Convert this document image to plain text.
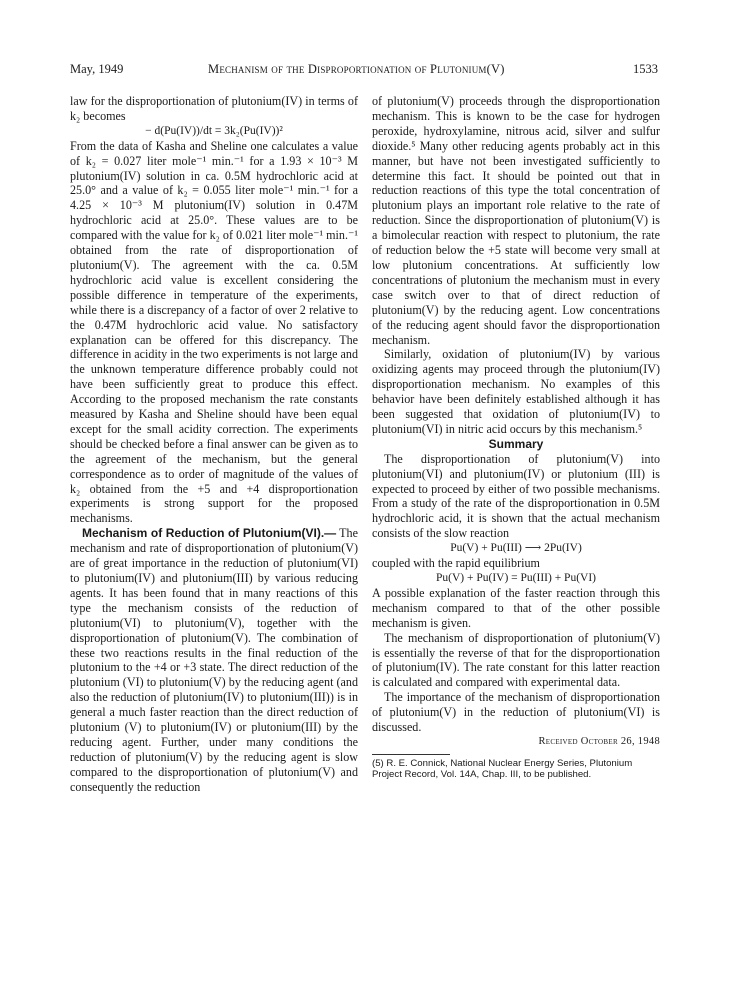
May, 1949	Mechanism of the Disproportionation of Plutonium(V)	1533

law for the disproportionation of plutonium(IV) in terms of k₂ becomes

− d(Pu(IV))/dt = 3k₂(Pu(IV))²

From the data of Kasha and Sheline one calculates a value of k₂ = 0.027 liter mole⁻¹ min.⁻¹ for a 1.93 × 10⁻³ M plutonium(IV) solution in ca. 0.5M hydrochloric acid at 25.0° and a value of k₂ = 0.055 liter mole⁻¹ min.⁻¹ for a 4.25 × 10⁻³ M plutonium(IV) solution in 0.47M hydrochloric acid at 25.0°. These values are to be compared with the value for k₂ of 0.021 liter mole⁻¹ min.⁻¹ obtained from the rate of disproportionation of plutonium(V). The agreement with the ca. 0.5M hydrochloric acid value is excellent considering the possible difference in temperature of the experiments, while there is a discrepancy of a factor of over 2 relative to the 0.47M hydrochloric acid value. No satisfactory explanation can be offered for this discrepancy. The difference in acidity in the two experiments is not large and the unknown temperature difference probably could not have been sufficiently great to produce this effect. According to the proposed mechanism the rate constants measured by Kasha and Sheline should have been equal except for the small acidity correction. The experiments should be checked before a final answer can be given as to the agreement of the mechanism, but the general correspondence as to order of magnitude of the values of k₂ obtained from the +5 and +4 disproportionation experiments is strong support for the proposed mechanisms.

Mechanism of Reduction of Plutonium(VI).— The mechanism and rate of disproportionation of plutonium(V) are of great importance in the reduction of plutonium(VI) to plutonium(IV) and plutonium(III) by various reducing agents. It has been found that in many reactions of this type the mechanism consists of the reduction of plutonium(VI) to plutonium(V), together with the disproportionation of plutonium(V). The combination of these two reactions results in the final reduction of the plutonium to the +4 or +3 state. The direct reduction of the plutonium (VI) to plutonium(V) by the reducing agent (and also the reduction of plutonium(IV) to plutonium(III)) is in general a much faster reaction than the direct reduction of plutonium (V) to plutonium(IV) or plutonium(III) by the reducing agent. Further, under many conditions the reduction of plutonium(V) by the reducing agent is slow compared to the disproportionation of plutonium(V) and consequently the reduction

of plutonium(V) proceeds through the disproportionation mechanism. This is known to be the case for hydrogen peroxide, hydroxylamine, nitrous acid, silver and sulfur dioxide.⁵ Many other reducing agents probably act in this manner, but have not been investigated sufficiently to determine this fact. It should be pointed out that in reduction reactions of this type the total concentration of plutonium plays an important role relative to the rate of reduction. Since the disproportionation of plutonium(V) is a bimolecular reaction with respect to plutonium, the rate of reduction below the +5 state will become very small at low plutonium concentrations. At sufficiently low concentrations of plutonium the mechanism must in every case switch over to that of direct reduction of plutonium(V) by the reducing agent. Low concentrations of the reducing agent should favor the disproportionation mechanism.

Similarly, oxidation of plutonium(IV) by various oxidizing agents may proceed through the plutonium(IV) disproportionation mechanism. No examples of this behavior have been definitely established although it has been suggested that oxidation of plutonium(IV) to plutonium(VI) in nitric acid occurs by this mechanism.⁵

Summary

The disproportionation of plutonium(V) into plutonium(VI) and plutonium(IV) or plutonium (III) is expected to proceed by either of two possible mechanisms. From a study of the rate of the disproportionation in 0.5M hydrochloric acid, it is shown that the actual mechanism consists of the slow reaction

Pu(V) + Pu(III) ⟶ 2Pu(IV)

coupled with the rapid equilibrium

Pu(V) + Pu(IV) = Pu(III) + Pu(VI)

A possible explanation of the faster reaction through this mechanism compared to that of the other possible mechanism is given.

The mechanism of disproportionation of plutonium(V) is essentially the reverse of that for the disproportionation of plutonium(IV). The rate constant for this latter reaction is calculated and compared with experimental data.

The importance of the mechanism of disproportionation of plutonium(V) in the reduction of plutonium(VI) is discussed.

Received October 26, 1948

(5) R. E. Connick, National Nuclear Energy Series, Plutonium Project Record, Vol. 14A, Chap. III, to be published.
